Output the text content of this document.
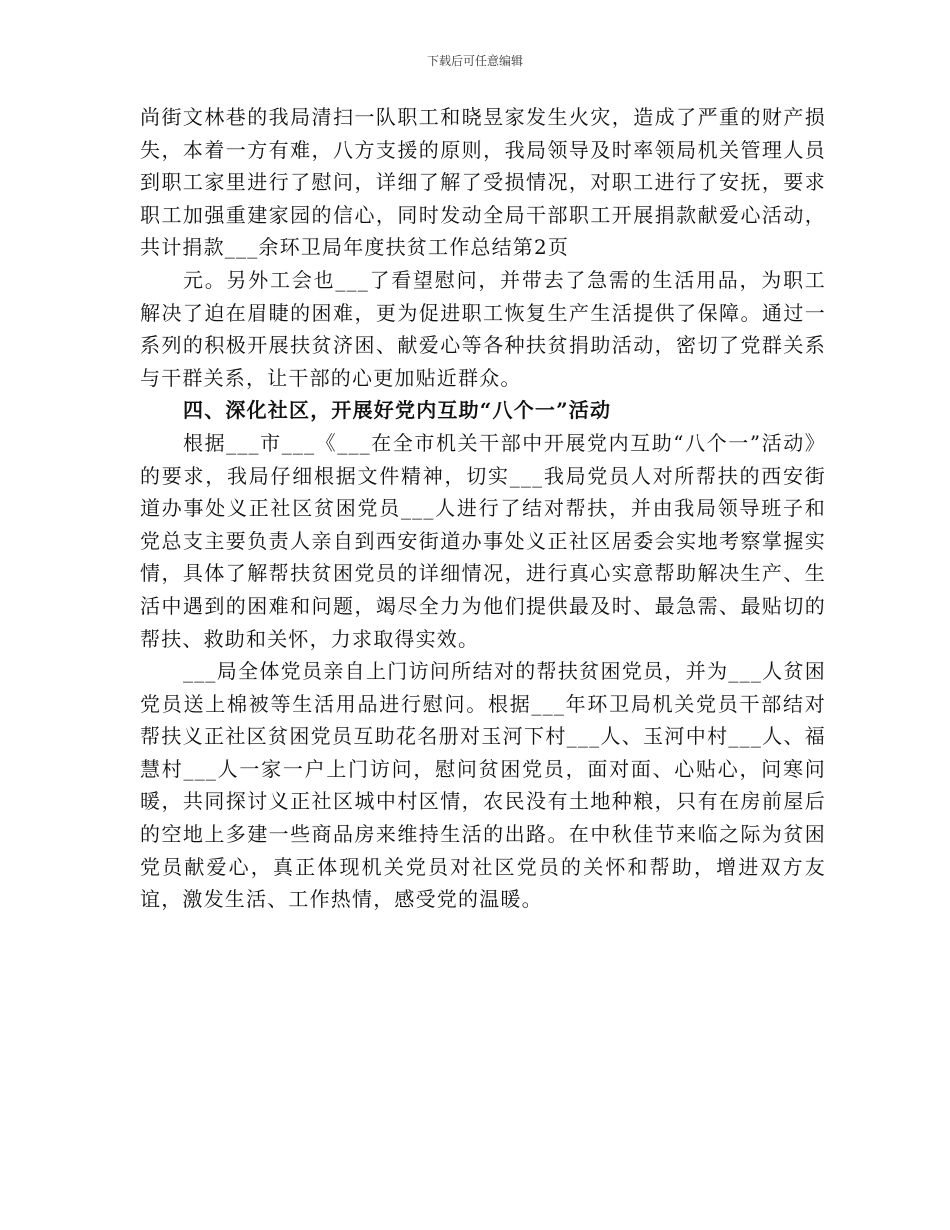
下载后可任意编辑

尚街文林巷的我局清扫一队职工和晓昱家发生火灾，造成了严重的财产损失，本着一方有难，八方支援的原则，我局领导及时率领局机关管理人员到职工家里进行了慰问，详细了解了受损情况，对职工进行了安抚，要求职工加强重建家园的信心，同时发动全局干部职工开展捐款献爱心活动，共计捐款___余环卫局年度扶贫工作总结第2页

元。另外工会也___了看望慰问，并带去了急需的生活用品，为职工解决了迫在眉睫的困难，更为促进职工恢复生产生活提供了保障。通过一系列的积极开展扶贫济困、献爱心等各种扶贫捐助活动，密切了党群关系与干群关系，让干部的心更加贴近群众。

四、深化社区，开展好党内互助“八个一”活动

根据___市___《___在全市机关干部中开展党内互助“八个一”活动》的要求，我局仔细根据文件精神，切实___我局党员人对所帮扶的西安街道办事处义正社区贫困党员___人进行了结对帮扶，并由我局领导班子和党总支主要负责人亲自到西安街道办事处义正社区居委会实地考察掌握实情，具体了解帮扶贫困党员的详细情况，进行真心实意帮助解决生产、生活中遇到的困难和问题，竭尽全力为他们提供最及时、最急需、最贴切的帮扶、救助和关怀，力求取得实效。

___局全体党员亲自上门访问所结对的帮扶贫困党员，并为___人贫困党员送上棉被等生活用品进行慰问。根据___年环卫局机关党员干部结对帮扶义正社区贫困党员互助花名册对玉河下村___人、玉河中村___人、福慧村___人一家一户上门访问，慰问贫困党员，面对面、心贴心，问寒问暖，共同探讨义正社区城中村区情，农民没有土地种粮，只有在房前屋后的空地上多建一些商品房来维持生活的出路。在中秋佳节来临之际为贫困党员献爱心，真正体现机关党员对社区党员的关怀和帮助，增进双方友谊，激发生活、工作热情，感受党的温暖。
